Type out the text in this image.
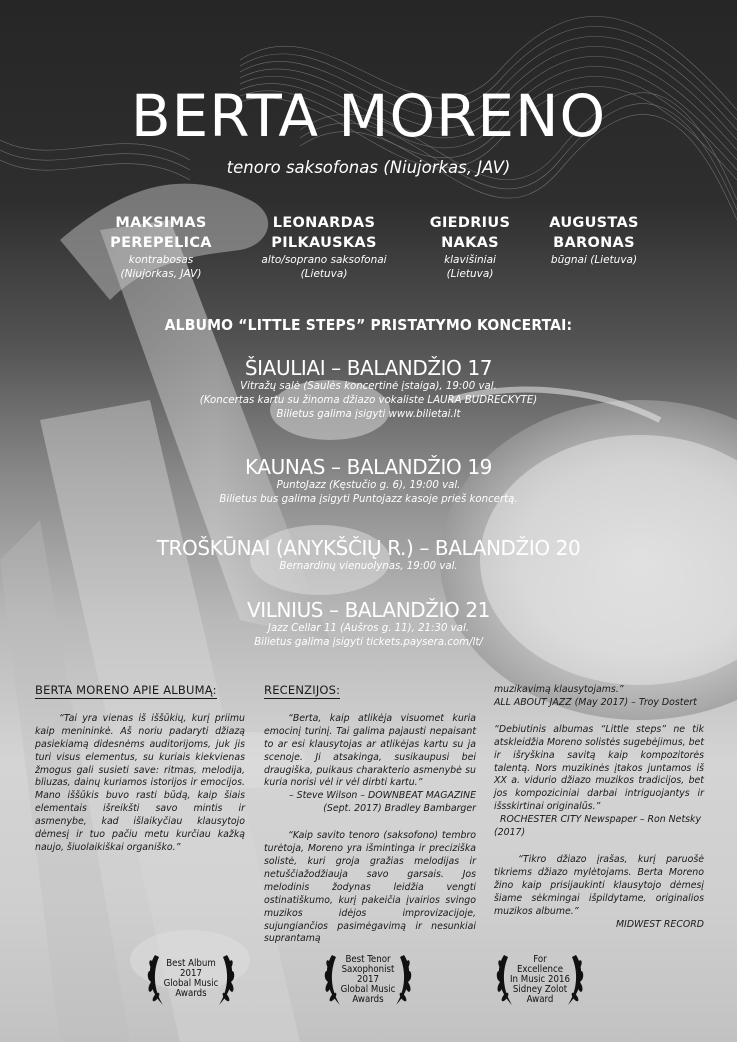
BERTA MORENO
tenoro saksofonas (Niujorkas, JAV)
MAKSIMAS
PEREPELICA
kontrabosas
(Niujorkas, JAV)
LEONARDAS
PILKAUSKAS
alto/soprano saksofonai
(Lietuva)
GIEDRIUS
NAKAS
klavišiniai
(Lietuva)
AUGUSTAS
BARONAS
būgnai (Lietuva)
ALBUMO “LITTLE STEPS” PRISTATYMO KONCERTAI:
ŠIAULIAI – BALANDŽIO 17
Vitražų salė (Saulės koncertinė įstaiga), 19:00 val.
(Koncertas kartu su žinoma džiazo vokaliste LAURA BUDRECKYTE)
Bilietus galima įsigyti www.bilietai.lt
KAUNAS – BALANDŽIO 19
PuntoJazz (Kęstučio g. 6), 19:00 val.
Bilietus bus galima įsigyti Puntojazz kasoje prieš koncertą.
TROŠKŪNAI (ANYKŠČIŲ R.) – BALANDŽIO 20
Bernardinų vienuolynas, 19:00 val.
VILNIUS – BALANDŽIO 21
Jazz Cellar 11 (Aušros g. 11), 21:30 val.
Bilietus galima įsigyti tickets.paysera.com/lt/
BERTA MORENO APIE ALBUMĄ:

“Tai yra vienas iš iššūkių, kurį priimu kaip menininkė. Aš noriu padaryti džiazą pasiekiamą didesnėms auditorijoms, juk jis turi visus elementus, su kuriais kiekvienas žmogus gali susieti save: ritmas, melodija, bliuzas, dainų kuriamos istorijos ir emocijos. Mano iššūkis buvo rasti būdą, kaip šiais elementais išreikšti savo mintis ir asmenybe, kad išlaikyčiau klausytojo dėmesį ir tuo pačiu metu kurčiau kažką naujo, šiuolaikiškai organiško.”

RECENZIJOS:

“Berta, kaip atlikėja visuomet kuria emocinį turinį. Tai galima pajausti nepaisant to ar esi klausytojas ar atlikėjas kartu su ja scenoje. Ji atsakinga, susikaupusi bei draugiška, puikaus charakterio asmenybė su kuria norisi vėl ir vėl dirbti kartu.”

– Steve Wilson – DOWNBEAT MAGAZINE

(Sept. 2017) Bradley Bambarger

“Kaip savito tenoro (saksofono) tembro turėtoja, Moreno yra išmintinga ir preciziška solistė, kuri groja gražias melodijas ir netuščiažodžiauja savo garsais. Jos melodinis žodynas leidžia vengti ostinatiškumo, kurį pakeičia įvairios svingo muzikos idėjos improvizacijoje, sujungiančios pasimėgavimą ir nesunkiai suprantamą

muzikavimą klausytojams.”

ALL ABOUT JAZZ (May 2017) – Troy Dostert

“Debiutinis albumas “Little steps” ne tik atskleidžia Moreno solistės sugebėjimus, bet ir išryškina savitą kaip kompozitorės talentą. Nors muzikinės įtakos juntamos iš XX a. vidurio džiazo muzikos tradicijos, bet jos kompoziciniai darbai intriguojantys ir išsskirtinai originalūs.”

ROCHESTER CITY Newspaper – Ron Netsky

(2017)

“Tikro džiazo įrašas, kurį paruošė tikriems džiazo mylėtojams. Berta Moreno žino kaip prisijaukinti klausytojo dėmesį šiame sėkmingai išpildytame, originalios muzikos albume.”

MIDWEST RECORD

Best Album
2017
Global Music
Awards
Best Tenor
Saxophonist
2017
Global Music
Awards
For
Excellence
In Music 2016
Sidney Zolot
Award
